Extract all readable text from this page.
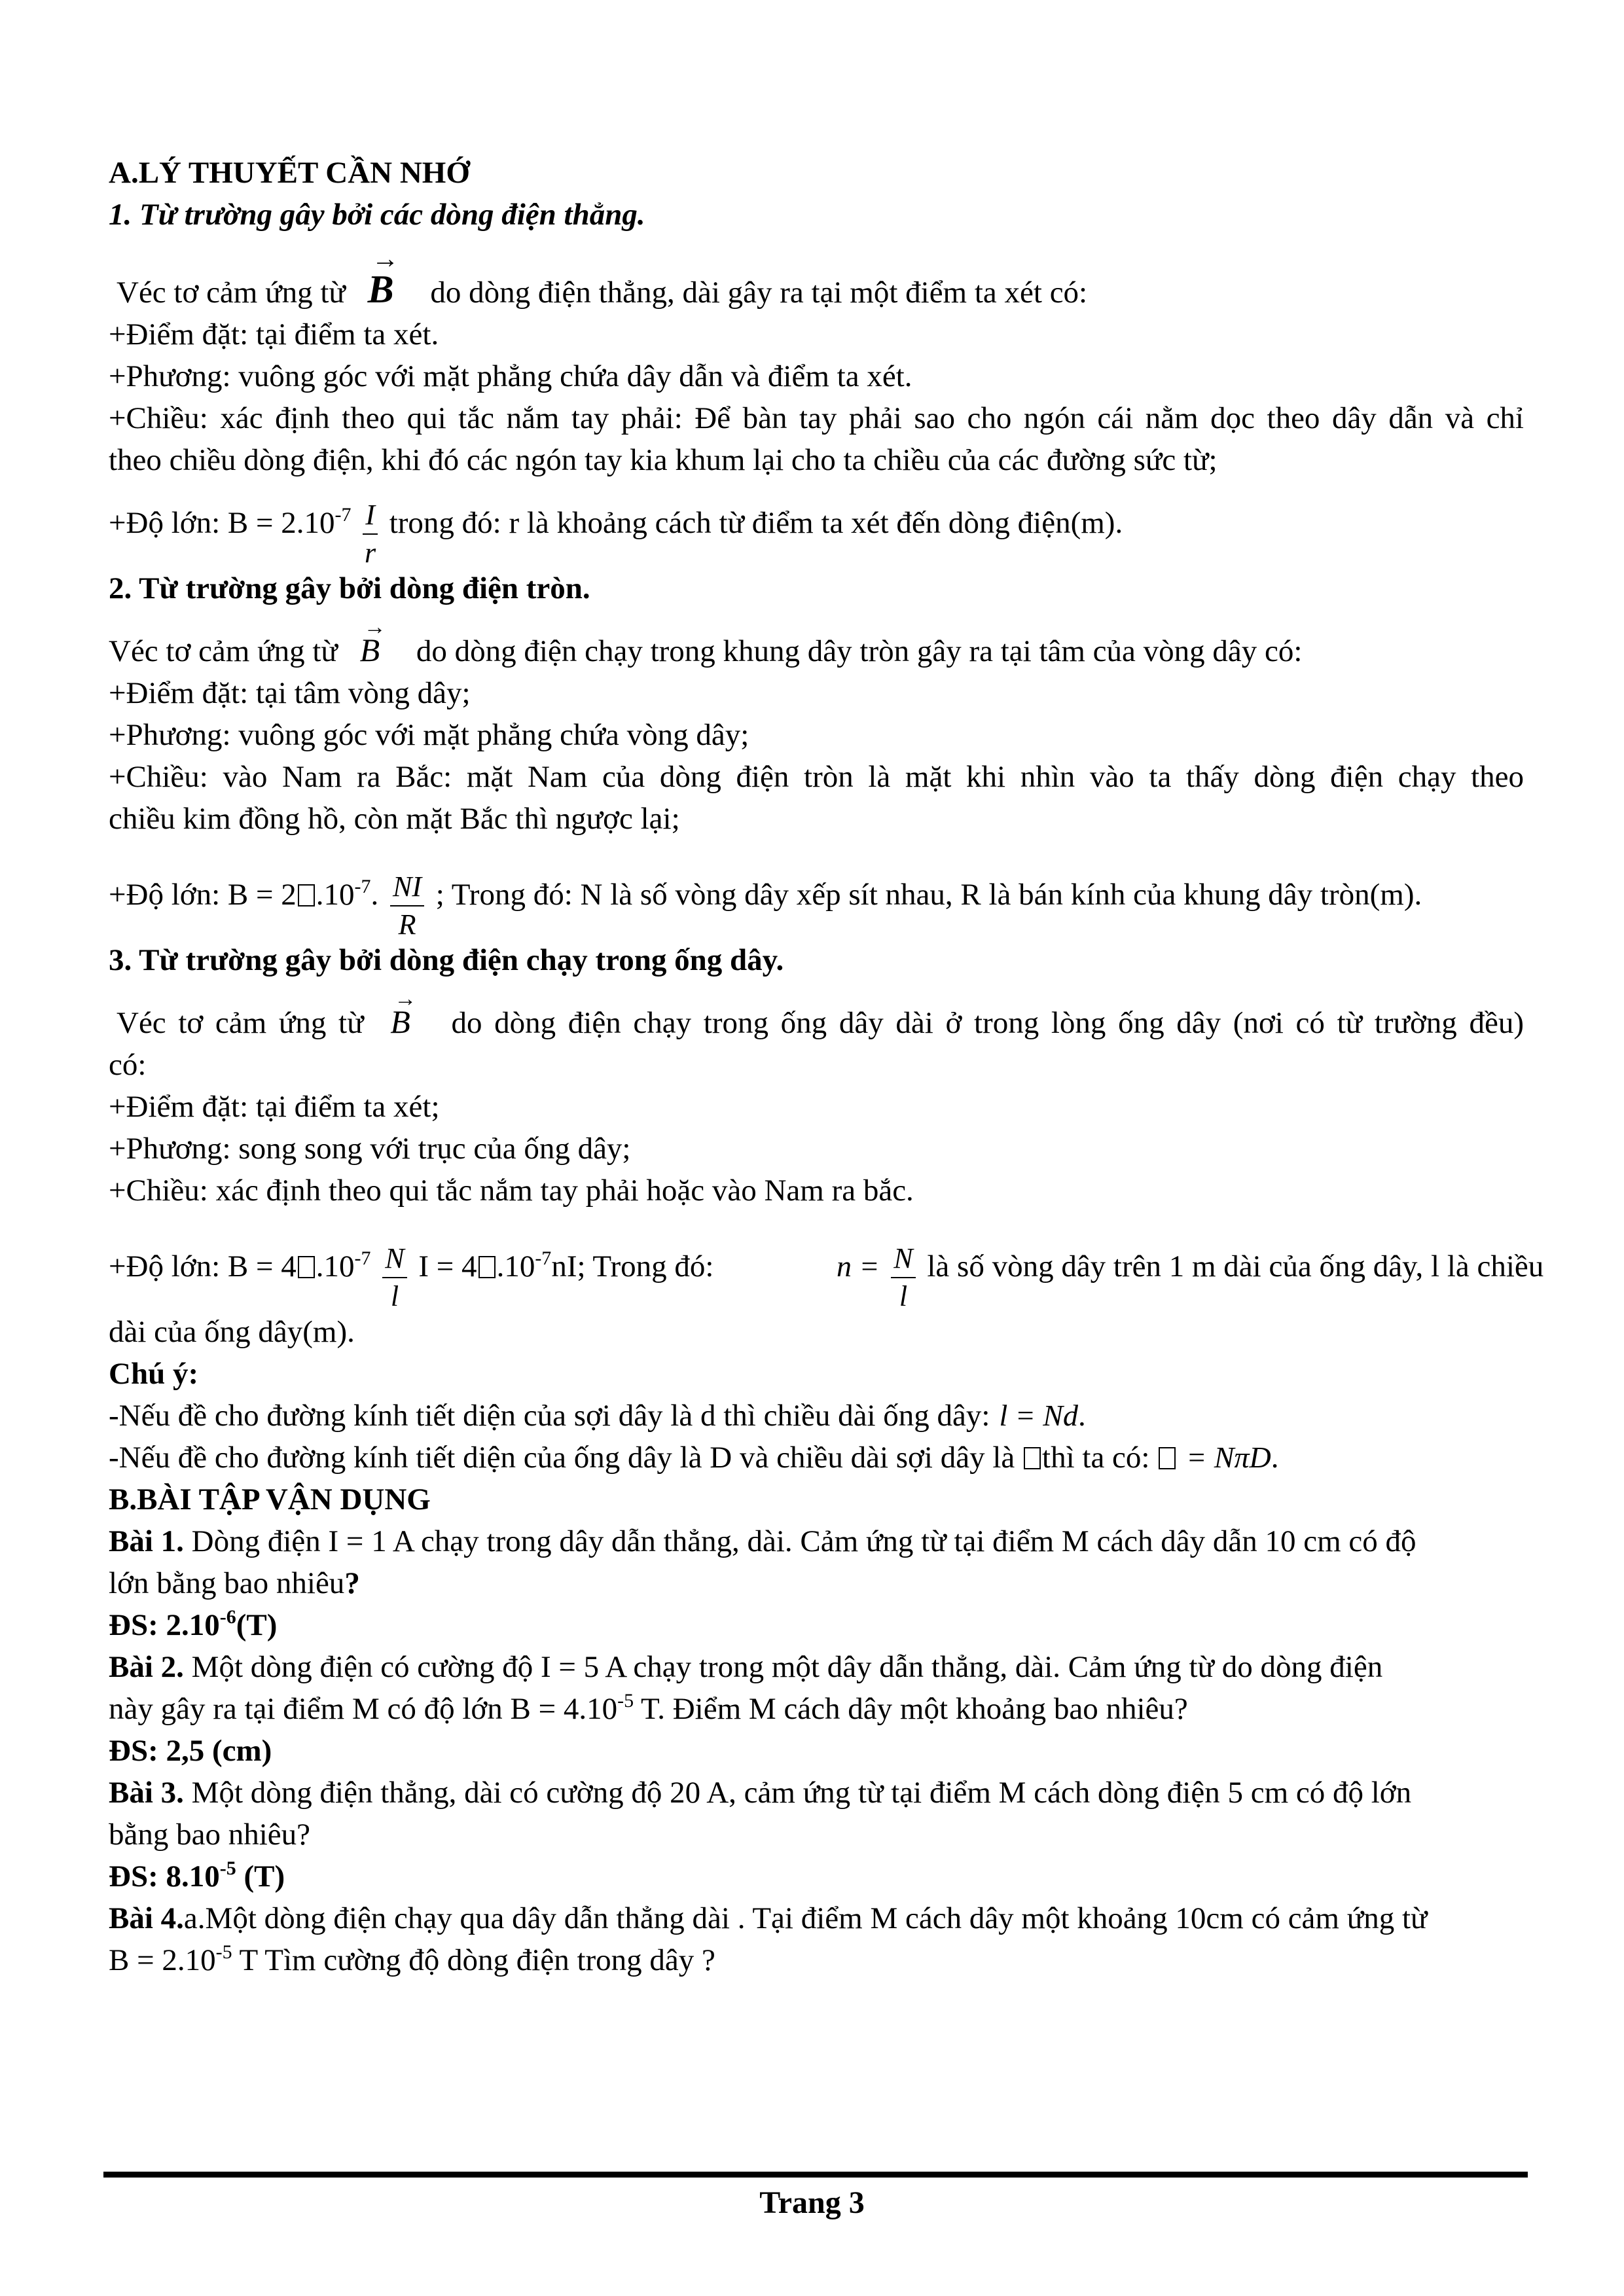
A.LÝ THUYẾT CẦN NHỚ
1. Từ trường gây bởi các dòng điện thẳng.
Véc tơ cảm ứng từ
→
B do dòng điện thẳng, dài gây ra tại một điểm ta xét có:
+Điểm đặt: tại điểm ta xét.
+Phương: vuông góc với mặt phẳng chứa dây dẫn và điểm ta xét.
+Chiều: xác định theo qui tắc nắm tay phải: Để bàn tay phải sao cho ngón cái nằm dọc theo dây dẫn và chỉ
theo chiều dòng điện, khi đó các ngón tay kia khum lại cho ta chiều của các đường sức từ;
+Độ lớn: $B = 2.10^{-7} \frac{I}{r}$ trong đó: r là khoảng cách từ điểm ta xét đến dòng điện(m).
2. Từ trường gây bởi dòng điện tròn.
Véc tơ cảm ứng từ
→
B do dòng điện chạy trong khung dây tròn gây ra tại tâm của vòng dây có:
+Điểm đặt: tại tâm vòng dây;
+Phương: vuông góc với mặt phẳng chứa vòng dây;
+Chiều: vào Nam ra Bắc: mặt Nam của dòng điện tròn là mặt khi nhìn vào ta thấy dòng điện chạy theo
chiều kim đồng hồ, còn mặt Bắc thì ngược lại;
+Độ lớn: B = 2 $.10^{-7}$. $\frac{NI}{R}$ ; Trong đó: N là số vòng dây xếp sít nhau, R là bán kính của khung dây tròn(m).
3. Từ trường gây bởi dòng điện chạy trong ống dây.
Véc tơ cảm ứng từ
→
B do dòng điện chạy trong ống dây dài ở trong lòng ống dây (nơi có từ trường đều)
có:
+Điểm đặt: tại điểm ta xét;
+Phương: song song với trục của ống dây;
+Chiều: xác định theo qui tắc nắm tay phải hoặc vào Nam ra bắc.
+Độ lớn: B = 4 $.10^{-7} \frac{N}{l}$ I = 4 $.10^{-7}nI$; Trong đó:	$n = \frac{N}{l}$ là số vòng dây trên 1 m dài của ống dây, l là chiều
dài của ống dây(m).
Chú ý:
-Nếu đề cho đường kính tiết diện của sợi dây là d thì chiều dài ống dây: l = Nd.
-Nếu đề cho đường kính tiết diện của ống dây là D và chiều dài sợi dây là thì ta có: = NπD.
B.BÀI TẬP VẬN DỤNG
Bài 1. Dòng điện I = 1 A chạy trong dây dẫn thẳng, dài. Cảm ứng từ tại điểm M cách dây dẫn 10 cm có độ
lớn bằng bao nhiêu?
ĐS: $2.10^{-6}(T)$
Bài 2. Một dòng điện có cường độ I = 5 A chạy trong một dây dẫn thẳng, dài. Cảm ứng từ do dòng điện
này gây ra tại điểm M có độ lớn $B = 4.10^{-5}$ T. Điểm M cách dây một khoảng bao nhiêu?
ĐS: 2,5 (cm)
Bài 3. Một dòng điện thẳng, dài có cường độ 20 A, cảm ứng từ tại điểm M cách dòng điện 5 cm có độ lớn
bằng bao nhiêu?
ĐS: $8.10^{-5}$ (T)
Bài 4.a.Một dòng điện chạy qua dây dẫn thẳng dài . Tại điểm M cách dây một khoảng 10cm có cảm ứng từ
$B = 2.10^{-5}$ T Tìm cường độ dòng điện trong dây ?
Trang 3
